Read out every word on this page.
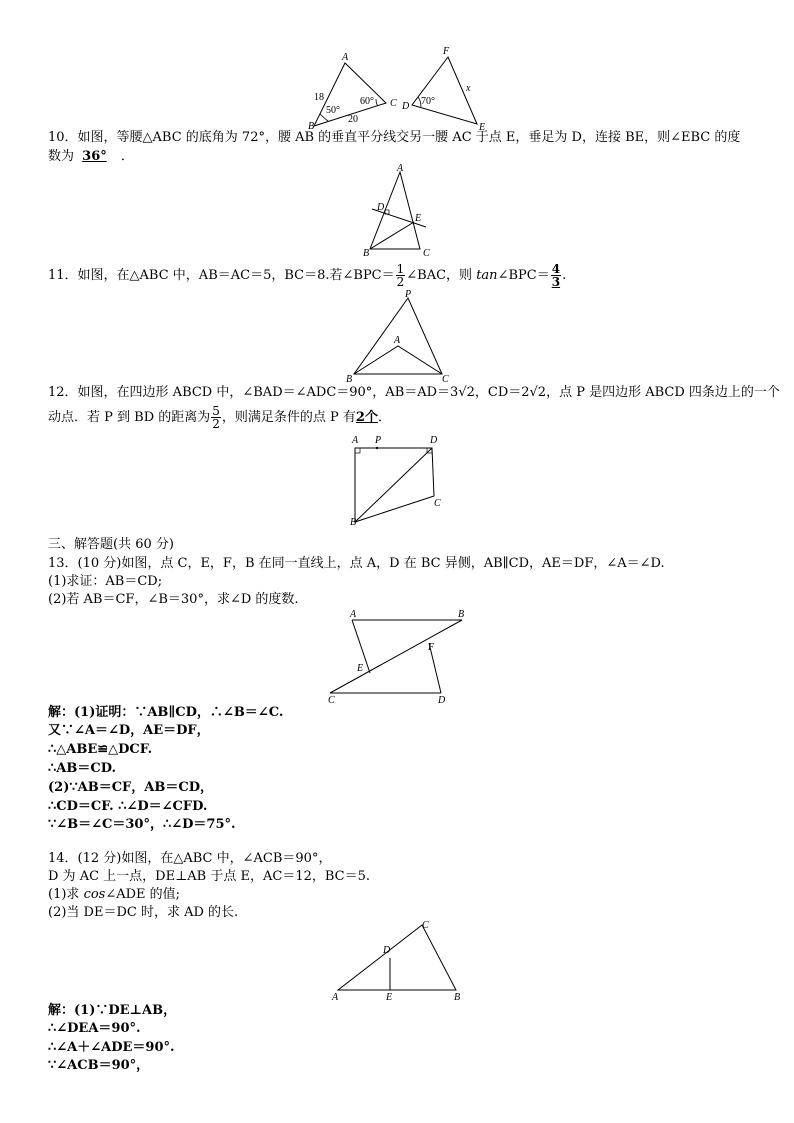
A
B
C
18
20
50°
60°
F
D
E
x
70°
10．如图，等腰△ABC 的底角为 72°，腰 AB 的垂直平分线交另一腰 AC 于点 E，垂足为 D，连接 BE，则∠EBC 的度
数为 36° ．
A
D
E
B	C
11．如图，在△ABC 中，AB＝AC＝5，BC＝8.若∠BPC＝ $\frac{1}{2}$ ∠BAC，则 tan∠BPC＝ $\frac{4}{3}$ .
P
A
B	C
12．如图，在四边形 ABCD 中，∠BAD＝∠ADC＝90°，AB＝AD＝3√2，CD＝2√2，点 P 是四边形 ABCD 四条边上的一个
动点．若 P 到 BD 的距离为 $\frac{5}{2}$ ，则满足条件的点 P 有2个．
A P	D
C
B
三、解答题(共 60 分)
13．(10 分)如图，点 C，E，F，B 在同一直线上，点 A，D 在 BC 异侧，AB∥CD，AE＝DF，∠A＝∠D.
(1)求证：AB＝CD;
(2)若 AB＝CF，∠B＝30°，求∠D 的度数.
A	B
E
F
C	D
解：(1)证明：∵AB∥CD，∴∠B＝∠C.
又∵∠A＝∠D，AE＝DF，
∴△ABE≌△DCF.
∴AB＝CD.
(2)∵AB＝CF，AB＝CD，
∴CD＝CF. ∴∠D＝∠CFD.
∵∠B＝∠C＝30°，∴∠D＝75°.
14．(12 分)如图，在△ABC 中，∠ACB＝90°，
D 为 AC 上一点，DE⊥AB 于点 E，AC＝12，BC＝5.
(1)求 cos∠ADE 的值;
(2)当 DE＝DC 时，求 AD 的长.
C
D
A	E	B
解：(1)∵DE⊥AB，
∴∠DEA＝90°.
∴∠A＋∠ADE＝90°.
∵∠ACB＝90°，
